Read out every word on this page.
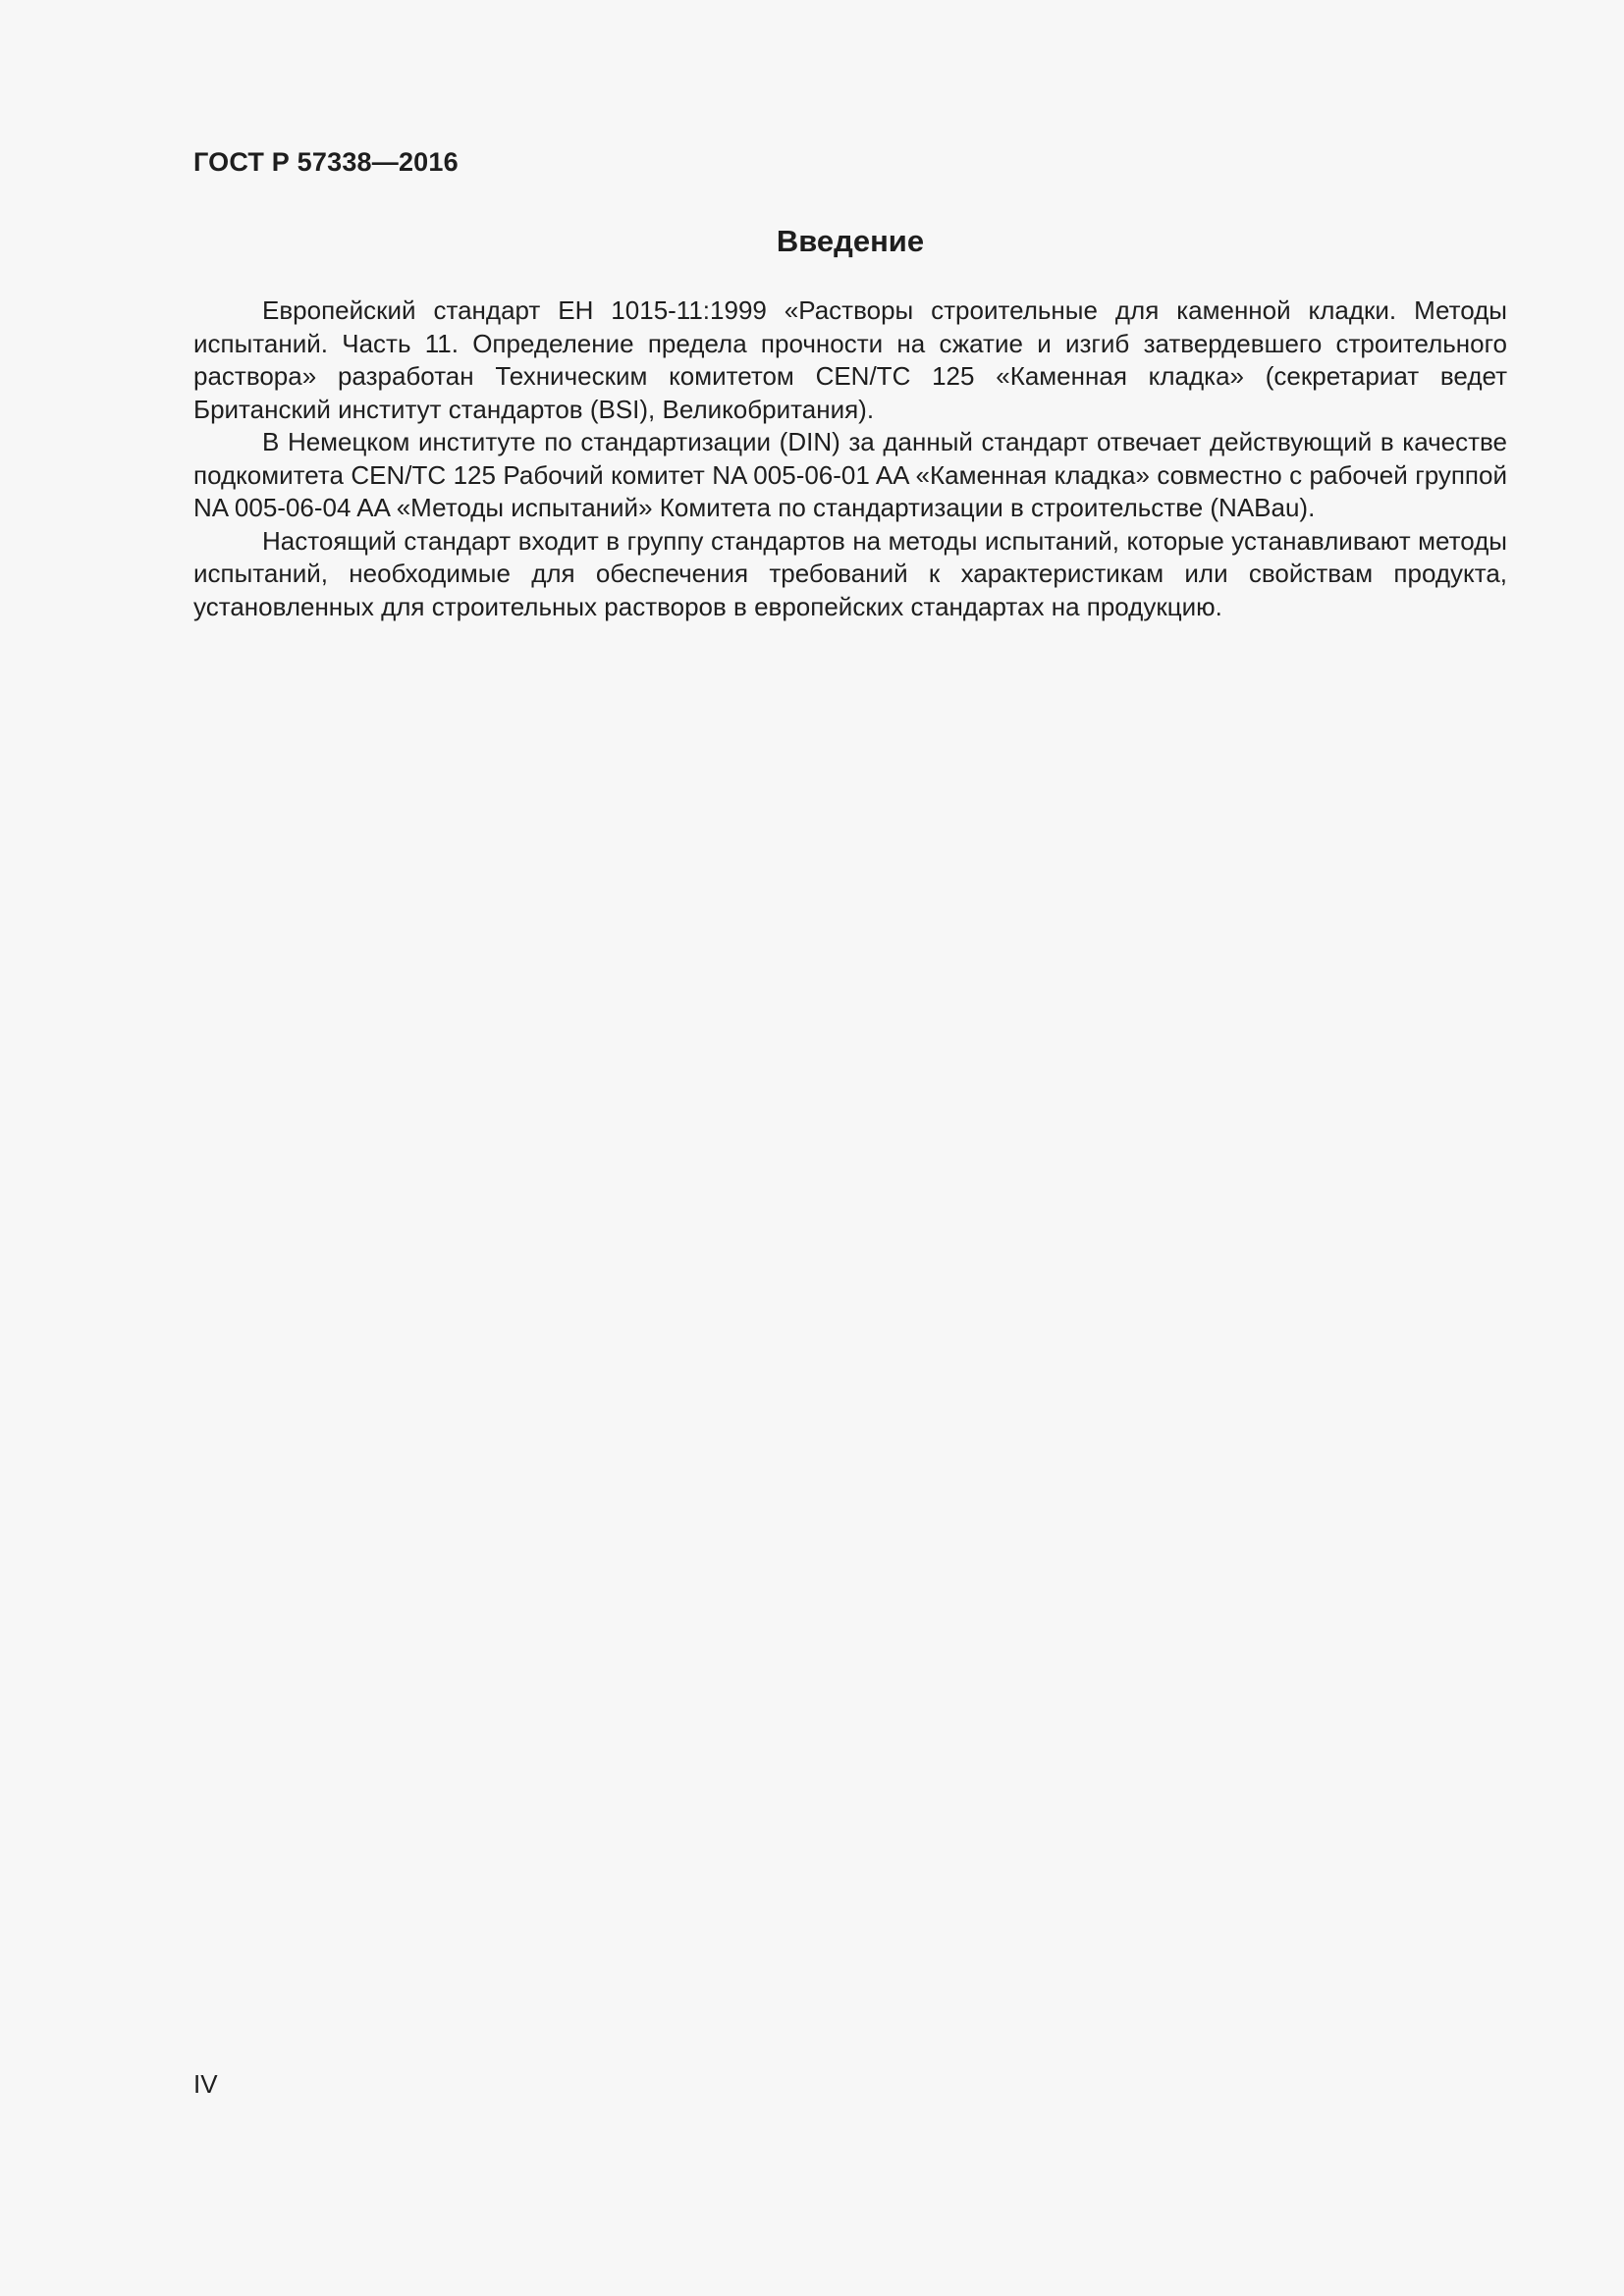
ГОСТ Р 57338—2016
Введение

Европейский стандарт ЕН 1015-11:1999 «Растворы строительные для каменной кладки. Методы испытаний. Часть 11. Определение предела прочности на сжатие и изгиб затвердевшего строительного раствора» разработан Техническим комитетом CEN/TC 125 «Каменная кладка» (секретариат ведет Британский институт стандартов (BSI), Великобритания).

В Немецком институте по стандартизации (DIN) за данный стандарт отвечает действующий в качестве подкомитета CEN/TC 125 Рабочий комитет NA 005-06-01 AA «Каменная кладка» совместно с рабочей группой NA 005-06-04 AA «Методы испытаний» Комитета по стандартизации в строительстве (NABau).

Настоящий стандарт входит в группу стандартов на методы испытаний, которые устанавливают методы испытаний, необходимые для обеспечения требований к характеристикам или свойствам продукта, установленных для строительных растворов в европейских стандартах на продукцию.

IV
